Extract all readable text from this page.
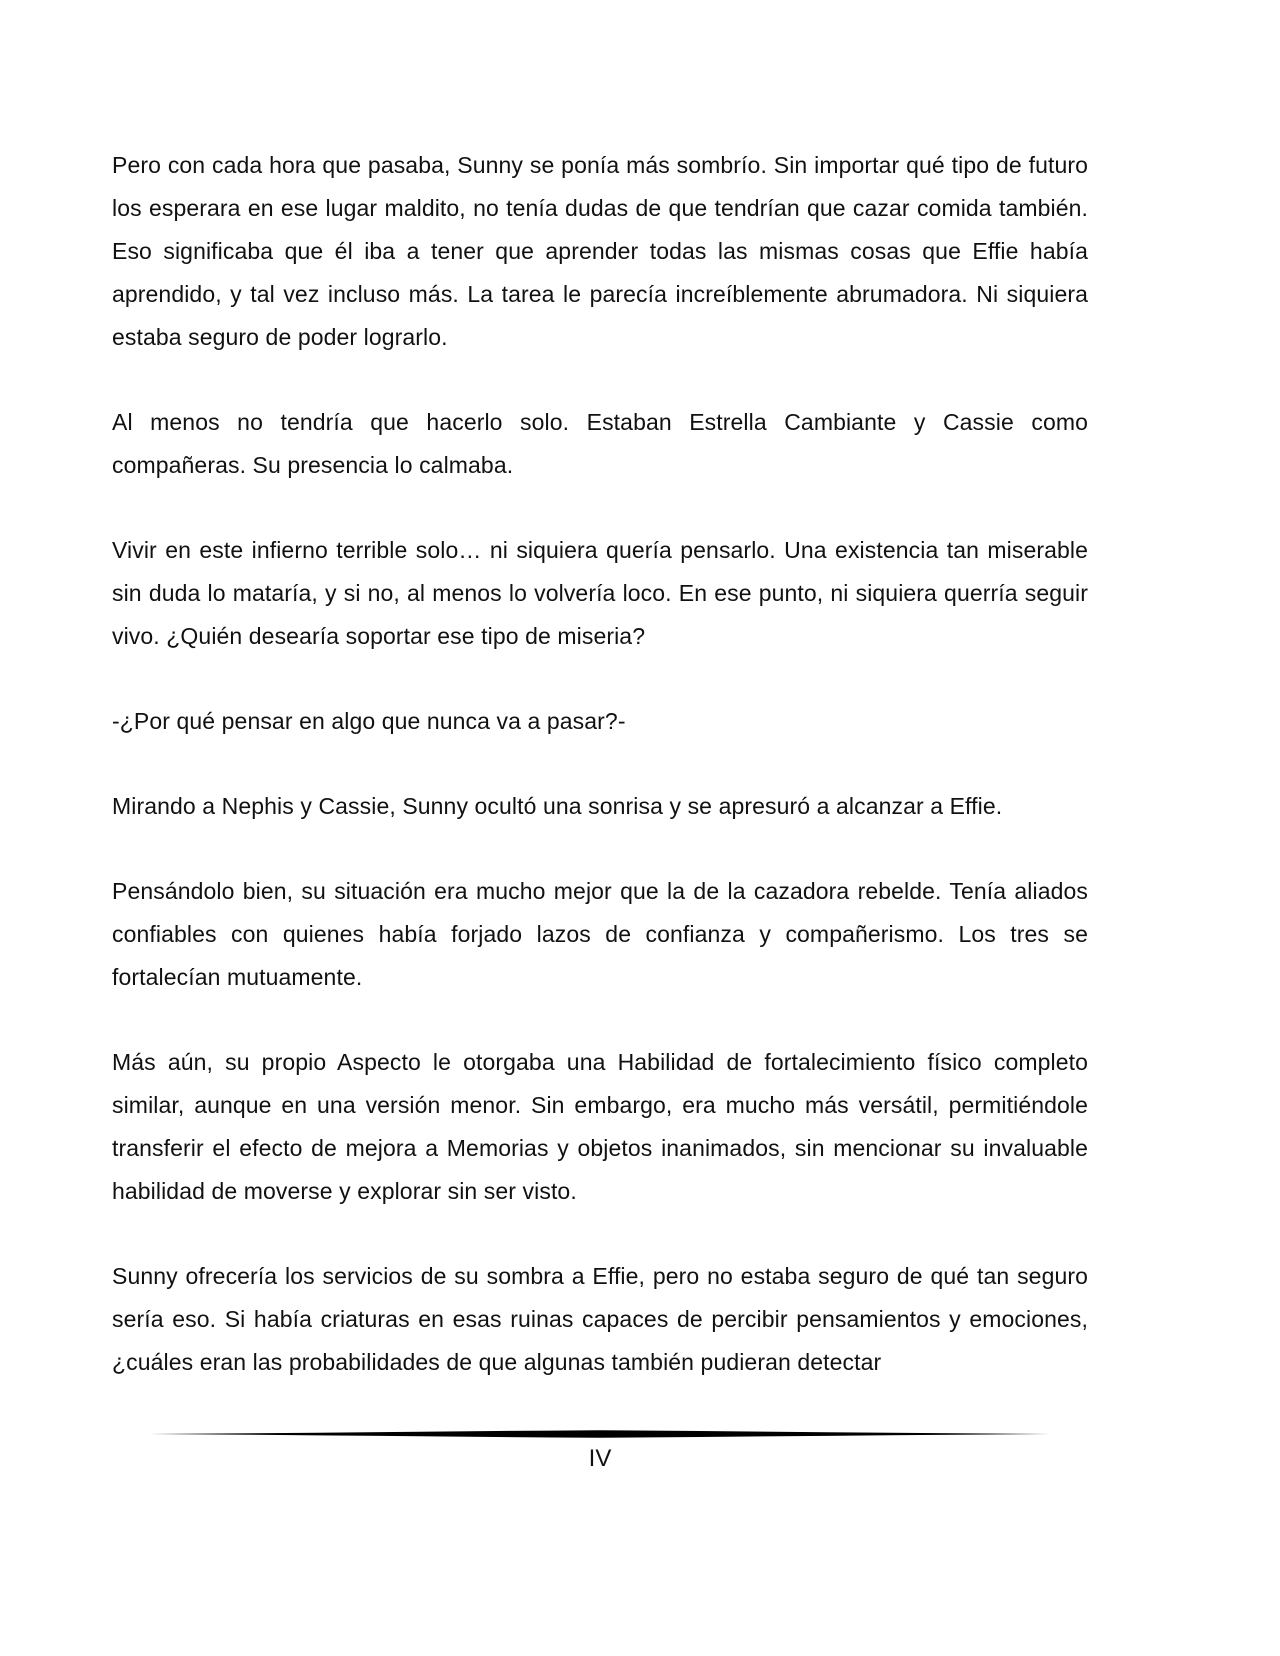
Pero con cada hora que pasaba, Sunny se ponía más sombrío. Sin importar qué tipo de futuro los esperara en ese lugar maldito, no tenía dudas de que tendrían que cazar comida también. Eso significaba que él iba a tener que aprender todas las mismas cosas que Effie había aprendido, y tal vez incluso más. La tarea le parecía increíblemente abrumadora. Ni siquiera estaba seguro de poder lograrlo.

Al menos no tendría que hacerlo solo. Estaban Estrella Cambiante y Cassie como compañeras. Su presencia lo calmaba.

Vivir en este infierno terrible solo… ni siquiera quería pensarlo. Una existencia tan miserable sin duda lo mataría, y si no, al menos lo volvería loco. En ese punto, ni siquiera querría seguir vivo. ¿Quién desearía soportar ese tipo de miseria?

-¿Por qué pensar en algo que nunca va a pasar?-

Mirando a Nephis y Cassie, Sunny ocultó una sonrisa y se apresuró a alcanzar a Effie.

Pensándolo bien, su situación era mucho mejor que la de la cazadora rebelde. Tenía aliados confiables con quienes había forjado lazos de confianza y compañerismo. Los tres se fortalecían mutuamente.

Más aún, su propio Aspecto le otorgaba una Habilidad de fortalecimiento físico completo similar, aunque en una versión menor. Sin embargo, era mucho más versátil, permitiéndole transferir el efecto de mejora a Memorias y objetos inanimados, sin mencionar su invaluable habilidad de moverse y explorar sin ser visto.

Sunny ofrecería los servicios de su sombra a Effie, pero no estaba seguro de qué tan seguro sería eso. Si había criaturas en esas ruinas capaces de percibir pensamientos y emociones, ¿cuáles eran las probabilidades de que algunas también pudieran detectar

IV
